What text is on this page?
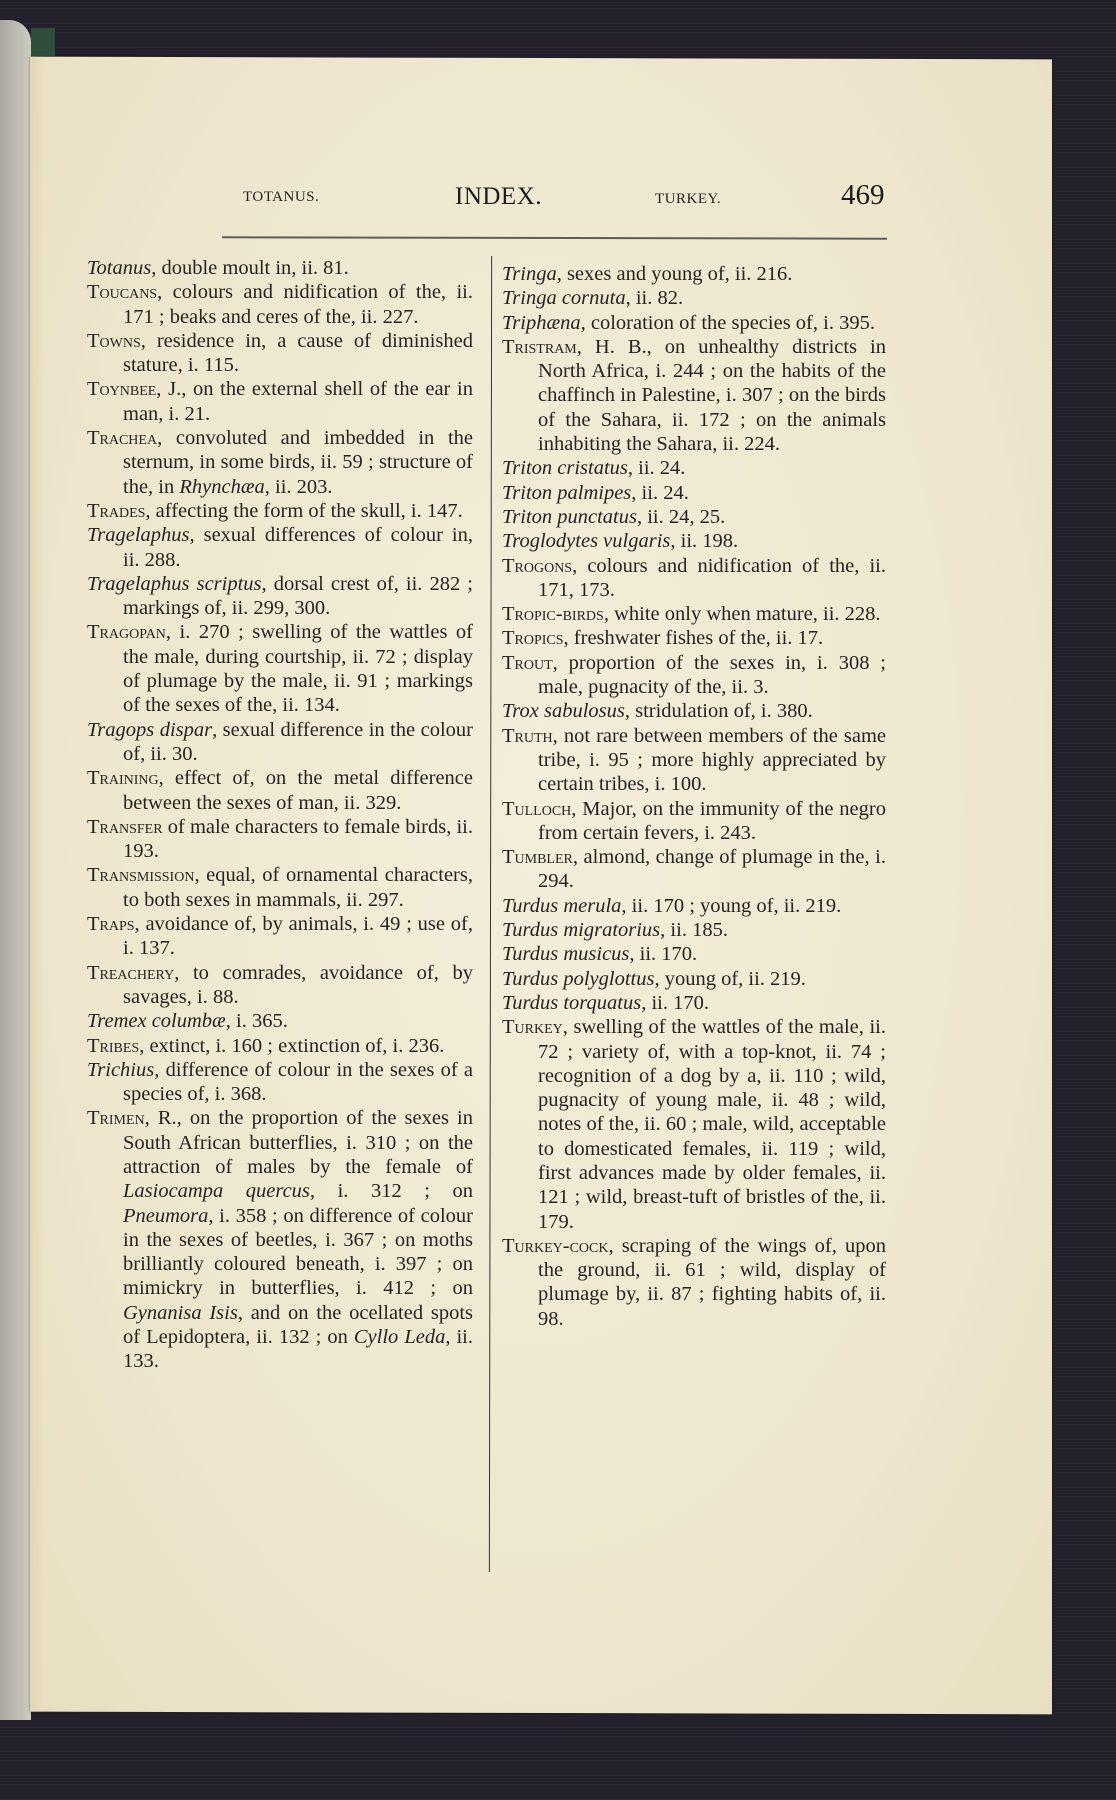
TOTANUS.	INDEX.	TURKEY.	469

Totanus, double moult in, ii. 81.

Toucans, colours and nidification of the, ii. 171 ; beaks and ceres of the, ii. 227.

Towns, residence in, a cause of diminished stature, i. 115.

Toynbee, J., on the external shell of the ear in man, i. 21.

Trachea, convoluted and imbedded in the sternum, in some birds, ii. 59 ; structure of the, in Rhynchæa, ii. 203.

Trades, affecting the form of the skull, i. 147.

Tragelaphus, sexual differences of colour in, ii. 288.

Tragelaphus scriptus, dorsal crest of, ii. 282 ; markings of, ii. 299, 300.

Tragopan, i. 270 ; swelling of the wattles of the male, during courtship, ii. 72 ; display of plumage by the male, ii. 91 ; markings of the sexes of the, ii. 134.

Tragops dispar, sexual difference in the colour of, ii. 30.

Training, effect of, on the metal difference between the sexes of man, ii. 329.

Transfer of male characters to female birds, ii. 193.

Transmission, equal, of ornamental characters, to both sexes in mammals, ii. 297.

Traps, avoidance of, by animals, i. 49 ; use of, i. 137.

Treachery, to comrades, avoidance of, by savages, i. 88.

Tremex columbæ, i. 365.

Tribes, extinct, i. 160 ; extinction of, i. 236.

Trichius, difference of colour in the sexes of a species of, i. 368.

Trimen, R., on the proportion of the sexes in South African butterflies, i. 310 ; on the attraction of males by the female of Lasiocampa quercus, i. 312 ; on Pneumora, i. 358 ; on difference of colour in the sexes of beetles, i. 367 ; on moths brilliantly coloured beneath, i. 397 ; on mimickry in butterflies, i. 412 ; on Gynanisa Isis, and on the ocellated spots of Lepidoptera, ii. 132 ; on Cyllo Leda, ii. 133.

Tringa, sexes and young of, ii. 216.

Tringa cornuta, ii. 82.

Triphæna, coloration of the species of, i. 395.

Tristram, H. B., on unhealthy districts in North Africa, i. 244 ; on the habits of the chaffinch in Palestine, i. 307 ; on the birds of the Sahara, ii. 172 ; on the animals inhabiting the Sahara, ii. 224.

Triton cristatus, ii. 24.

Triton palmipes, ii. 24.

Triton punctatus, ii. 24, 25.

Troglodytes vulgaris, ii. 198.

Trogons, colours and nidification of the, ii. 171, 173.

Tropic-birds, white only when mature, ii. 228.

Tropics, freshwater fishes of the, ii. 17.

Trout, proportion of the sexes in, i. 308 ; male, pugnacity of the, ii. 3.

Trox sabulosus, stridulation of, i. 380.

Truth, not rare between members of the same tribe, i. 95 ; more highly appreciated by certain tribes, i. 100.

Tulloch, Major, on the immunity of the negro from certain fevers, i. 243.

Tumbler, almond, change of plumage in the, i. 294.

Turdus merula, ii. 170 ; young of, ii. 219.

Turdus migratorius, ii. 185.

Turdus musicus, ii. 170.

Turdus polyglottus, young of, ii. 219.

Turdus torquatus, ii. 170.

Turkey, swelling of the wattles of the male, ii. 72 ; variety of, with a top-knot, ii. 74 ; recognition of a dog by a, ii. 110 ; wild, pugnacity of young male, ii. 48 ; wild, notes of the, ii. 60 ; male, wild, acceptable to domesticated females, ii. 119 ; wild, first advances made by older females, ii. 121 ; wild, breast-tuft of bristles of the, ii. 179.

Turkey-cock, scraping of the wings of, upon the ground, ii. 61 ; wild, display of plumage by, ii. 87 ; fighting habits of, ii. 98.
